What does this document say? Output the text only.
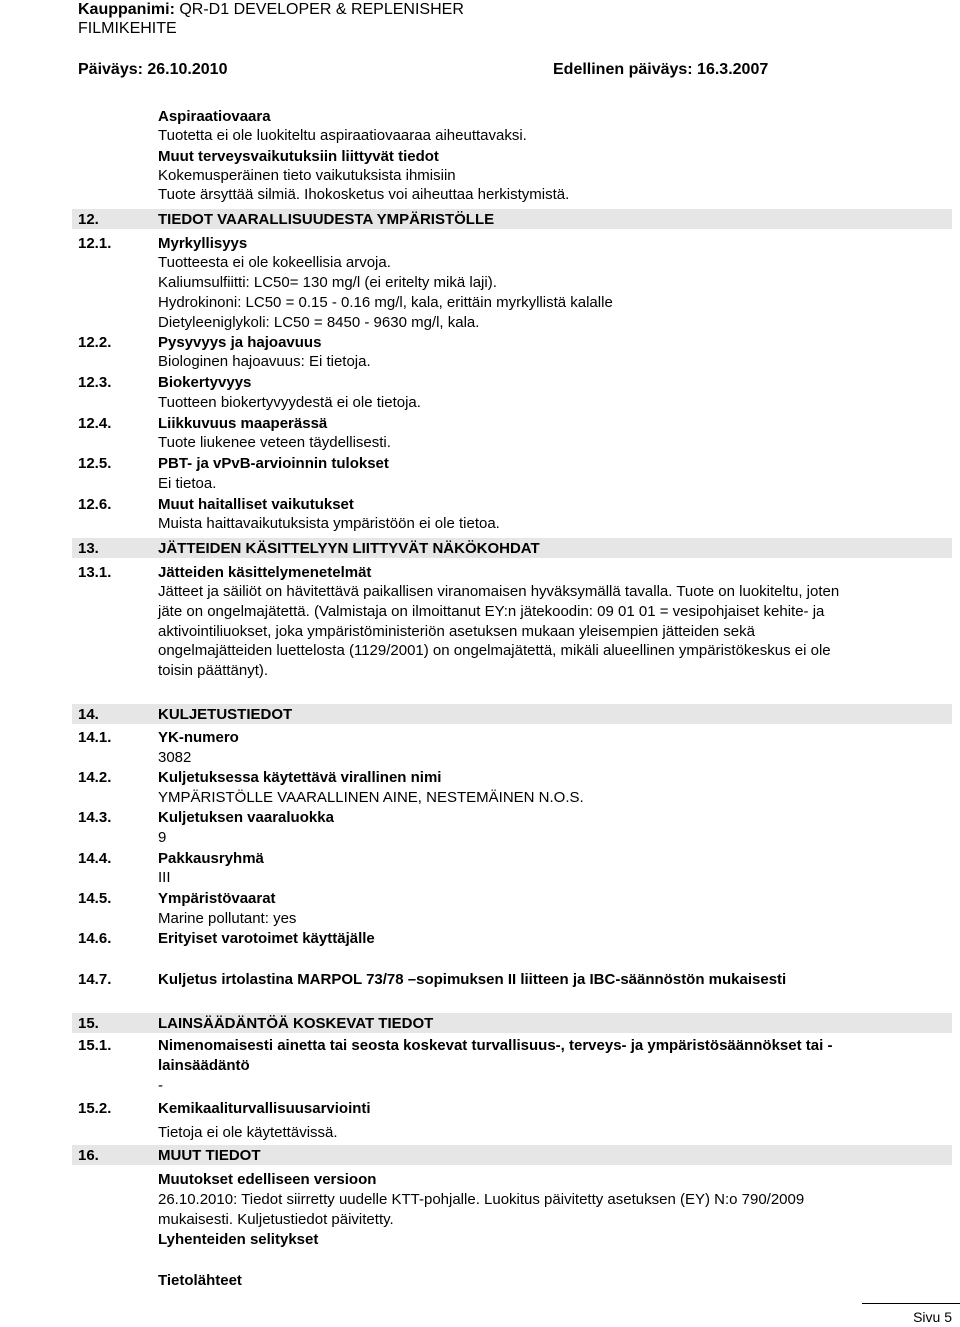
Kauppanimi: QR-D1 DEVELOPER & REPLENISHER
FILMIKEHITE
Päiväys: 26.10.2010	Edellinen päiväys: 16.3.2007
Aspiraatiovaara
Tuotetta ei ole luokiteltu aspiraatiovaaraa aiheuttavaksi.
Muut terveysvaikutuksiin liittyvät tiedot
Kokemusperäinen tieto vaikutuksista ihmisiin
Tuote ärsyttää silmiä. Ihokosketus voi aiheuttaa herkistymistä.
12.	TIEDOT VAARALLISUUDESTA YMPÄRISTÖLLE
12.1.	Myrkyllisyys
Tuotteesta ei ole kokeellisia arvoja.
Kaliumsulfiitti: LC50= 130 mg/l (ei eritelty mikä laji).
Hydrokinoni: LC50 = 0.15 - 0.16 mg/l, kala, erittäin myrkyllistä kalalle
Dietyleeniglykoli: LC50 = 8450 - 9630 mg/l, kala.
12.2.	Pysyvyys ja hajoavuus
Biologinen hajoavuus: Ei tietoja.
12.3.	Biokertyvyys
Tuotteen biokertyvyydestä ei ole tietoja.
12.4.	Liikkuvuus maaperässä
Tuote liukenee veteen täydellisesti.
12.5.	PBT- ja vPvB-arvioinnin tulokset
Ei tietoa.
12.6.	Muut haitalliset vaikutukset
Muista haittavaikutuksista ympäristöön ei ole tietoa.
13.	JÄTTEIDEN KÄSITTELYYN LIITTYVÄT NÄKÖKOHDAT
13.1.	Jätteiden käsittelymenetelmät
Jätteet ja säiliöt on hävitettävä paikallisen viranomaisen hyväksymällä tavalla. Tuote on luokiteltu, joten
jäte on ongelmajätettä. (Valmistaja on ilmoittanut EY:n jätekoodin: 09 01 01 = vesipohjaiset kehite- ja
aktivointiliuokset, joka ympäristöministeriön asetuksen mukaan yleisempien jätteiden sekä
ongelmajätteiden luettelosta (1129/2001) on ongelmajätettä, mikäli alueellinen ympäristökeskus ei ole
toisin päättänyt).
14.	KULJETUSTIEDOT
14.1.	YK-numero
3082
14.2.	Kuljetuksessa käytettävä virallinen nimi
YMPÄRISTÖLLE VAARALLINEN AINE, NESTEMÄINEN N.O.S.
14.3.	Kuljetuksen vaaraluokka
9
14.4.	Pakkausryhmä
III
14.5.	Ympäristövaarat
Marine pollutant: yes
14.6.	Erityiset varotoimet käyttäjälle
14.7.	Kuljetus irtolastina MARPOL 73/78 –sopimuksen II liitteen ja IBC-säännöstön mukaisesti
15.	LAINSÄÄDÄNTÖÄ KOSKEVAT TIEDOT
15.1.	Nimenomaisesti ainetta tai seosta koskevat turvallisuus-, terveys- ja ympäristösäännökset tai -
lainsäädäntö
-
15.2.	Kemikaaliturvallisuusarviointi
Tietoja ei ole käytettävissä.
16.	MUUT TIEDOT
Muutokset edelliseen versioon
26.10.2010: Tiedot siirretty uudelle KTT-pohjalle. Luokitus päivitetty asetuksen (EY) N:o 790/2009
mukaisesti. Kuljetustiedot päivitetty.
Lyhenteiden selitykset
Tietolähteet
Sivu 5
